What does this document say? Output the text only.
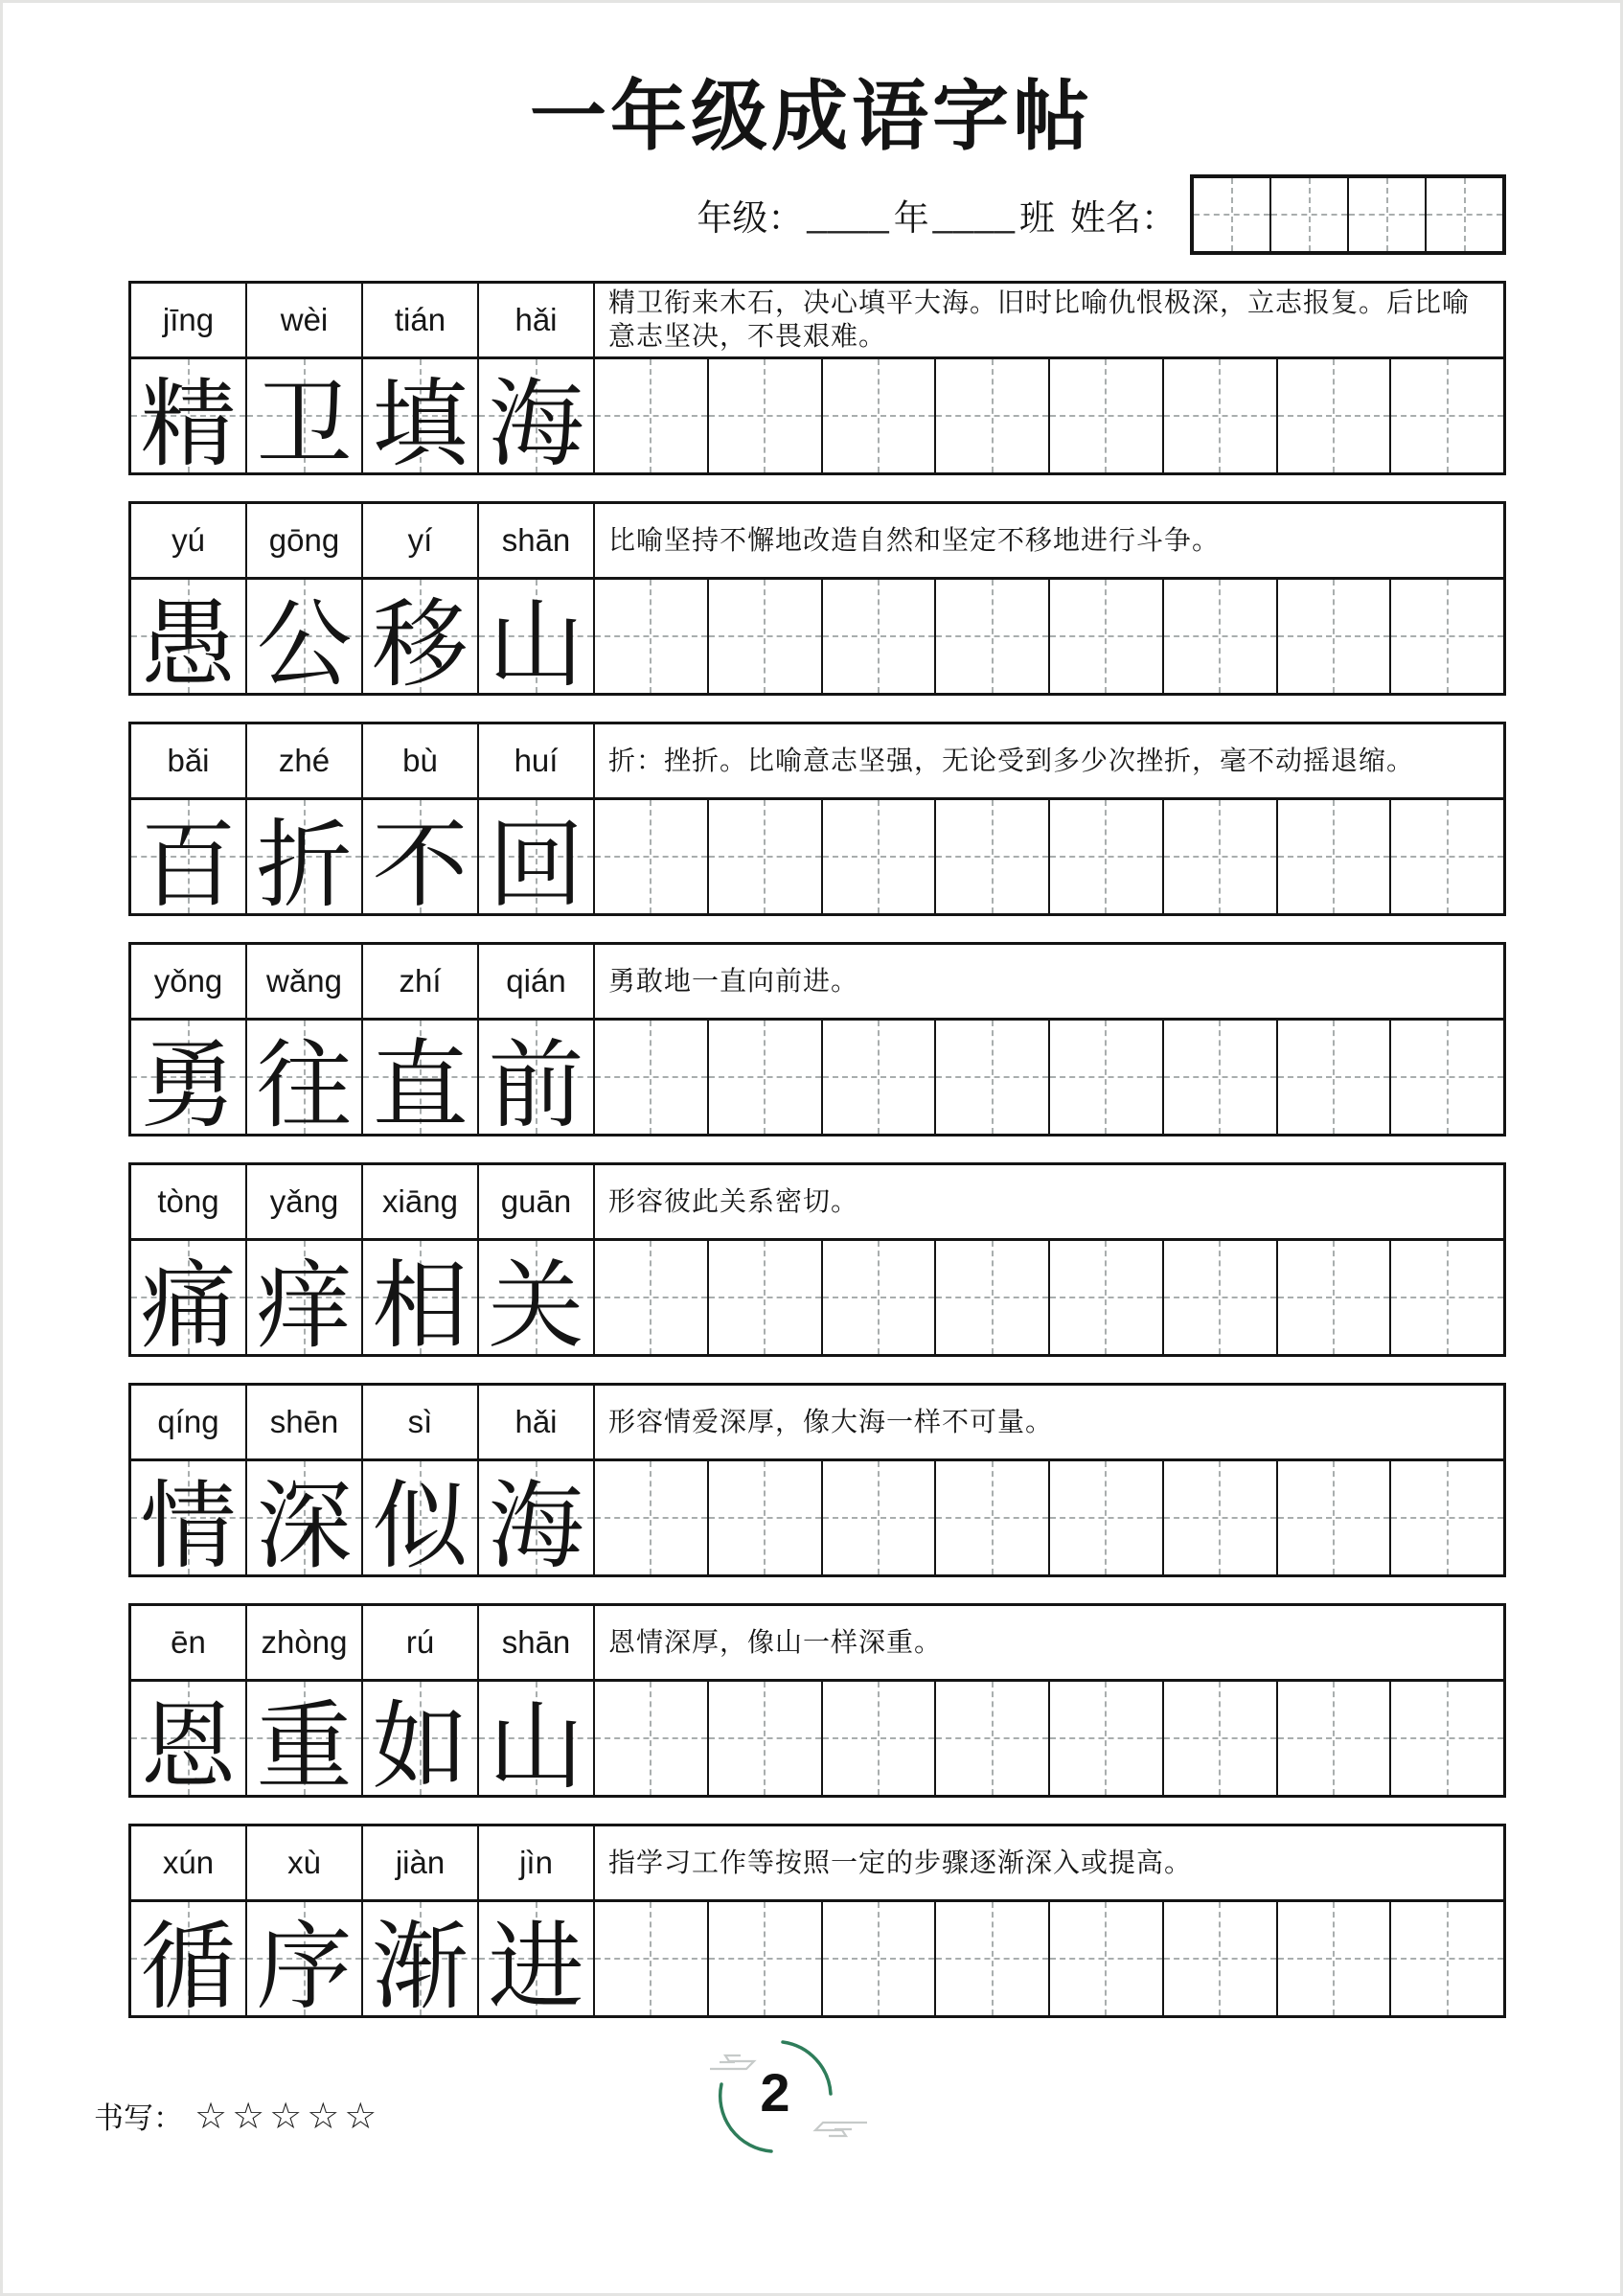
一年级成语字帖
年级： ____ 年 ____ 班 姓名：
jīng	wèi	tián	hǎi	精卫衔来木石，决心填平大海。旧时比喻仇恨极深，立志报复。后比喻意志坚决，不畏艰难。
精 卫 填 海
yú	gōng	yí	shān	比喻坚持不懈地改造自然和坚定不移地进行斗争。
愚 公 移 山
bǎi	zhé	bù	huí	折：挫折。比喻意志坚强，无论受到多少次挫折，毫不动摇退缩。
百 折 不 回
yǒng	wǎng	zhí	qián	勇敢地一直向前进。
勇 往 直 前
tòng	yǎng	xiāng	guān	形容彼此关系密切。
痛 痒 相 关
qíng	shēn	sì	hǎi	形容情爱深厚，像大海一样不可量。
情 深 似 海
ēn	zhòng	rú	shān	恩情深厚，像山一样深重。
恩 重 如 山
xún	xù	jiàn	jìn	指学习工作等按照一定的步骤逐渐深入或提高。
循 序 渐 进
书写： ☆☆☆☆☆	2
